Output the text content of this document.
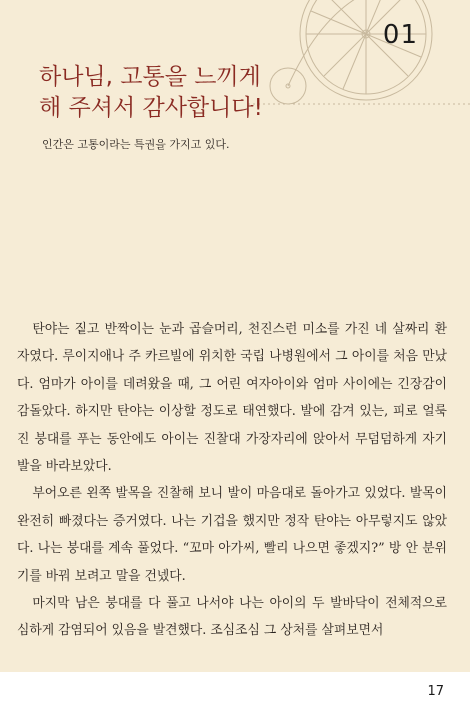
01
하나님, 고통을 느끼게
해 주셔서 감사합니다!
인간은 고통이라는 특권을 가지고 있다.

탄야는 짙고 반짝이는 눈과 곱슬머리, 천진스런 미소를 가진 네 살짜리 환자였다. 루이지애나 주 카르빌에 위치한 국립 나병원에서 그 아이를 처음 만났다. 엄마가 아이를 데려왔을 때, 그 어린 여자아이와 엄마 사이에는 긴장감이 감돌았다. 하지만 탄야는 이상할 정도로 태연했다. 발에 감겨 있는, 피로 얼룩진 붕대를 푸는 동안에도 아이는 진찰대 가장자리에 앉아서 무덤덤하게 자기 발을 바라보았다.

부어오른 왼쪽 발목을 진찰해 보니 발이 마음대로 돌아가고 있었다. 발목이 완전히 빠졌다는 증거였다. 나는 기겁을 했지만 정작 탄야는 아무렇지도 않았다. 나는 붕대를 계속 풀었다. “꼬마 아가씨, 빨리 나으면 좋겠지?” 방 안 분위기를 바꿔 보려고 말을 건넸다.

마지막 남은 붕대를 다 풀고 나서야 나는 아이의 두 발바닥이 전체적으로 심하게 감염되어 있음을 발견했다. 조심조심 그 상처를 살펴보면서

17
